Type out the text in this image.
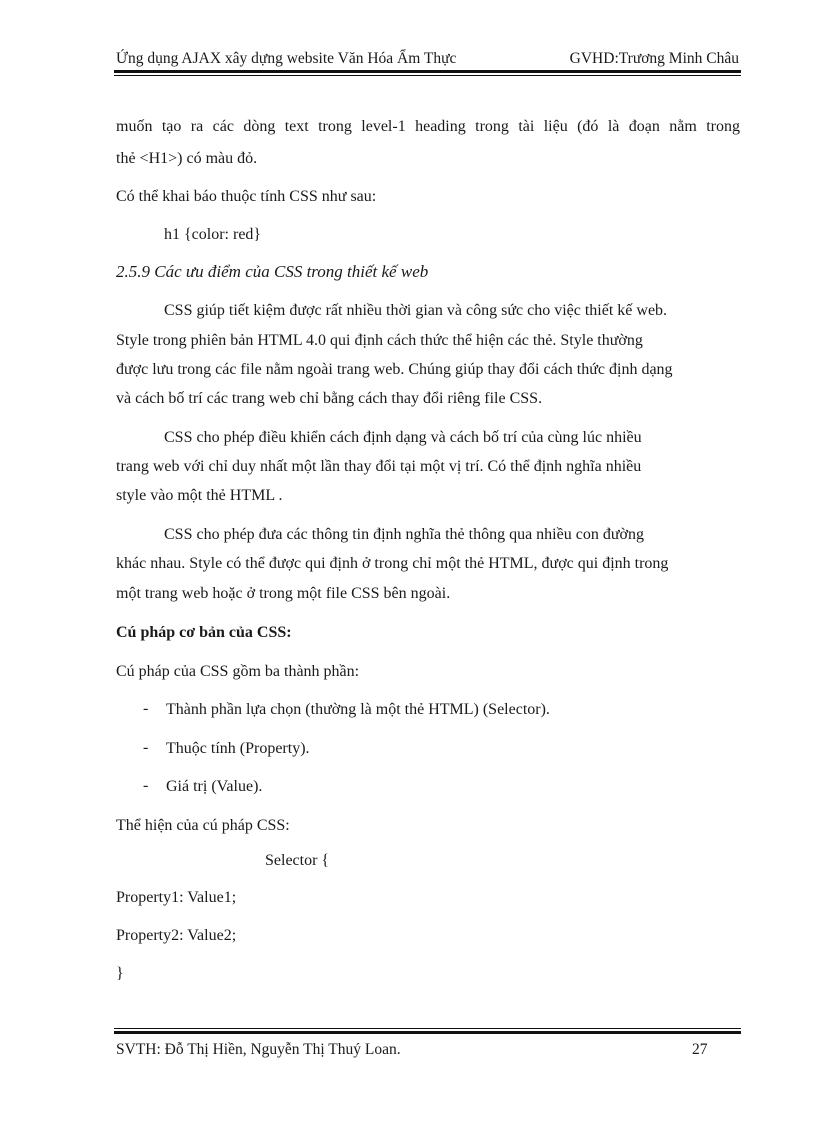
Ứng dụng AJAX xây dựng website Văn Hóa Ẩm Thực	GVHD:Trương Minh Châu
muốn tạo ra các dòng text trong level-1 heading trong tài liệu (đó là đoạn nằm trong
thẻ <H1>) có màu đỏ.
Có thể khai báo thuộc tính CSS như sau:
h1 {color: red}
2.5.9 Các ưu điểm của CSS trong thiết kế web
CSS giúp tiết kiệm được rất nhiều thời gian và công sức cho việc thiết kế web.
Style trong phiên bản HTML 4.0 qui định cách thức thể hiện các thẻ. Style thường
được lưu trong các file nằm ngoài trang web. Chúng giúp thay đổi cách thức định dạng
và cách bố trí các trang web chỉ bằng cách thay đổi riêng file CSS.
CSS cho phép điều khiển cách định dạng và cách bố trí của cùng lúc nhiều
trang web với chỉ duy nhất một lần thay đổi tại một vị trí. Có thể định nghĩa nhiều
style vào một thẻ HTML .
CSS cho phép đưa các thông tin định nghĩa thẻ thông qua nhiều con đường
khác nhau. Style có thể được qui định ở trong chỉ một thẻ HTML, được qui định trong
một trang web hoặc ở trong một file CSS bên ngoài.
Cú pháp cơ bản của CSS:
Cú pháp của CSS gồm ba thành phần:
- Thành phần lựa chọn (thường là một thẻ HTML) (Selector).
- Thuộc tính (Property).
- Giá trị (Value).
Thể hiện của cú pháp CSS:
Selector {
Property1: Value1;
Property2: Value2;
}
SVTH: Đỗ Thị Hiền, Nguyễn Thị Thuý Loan.	27
